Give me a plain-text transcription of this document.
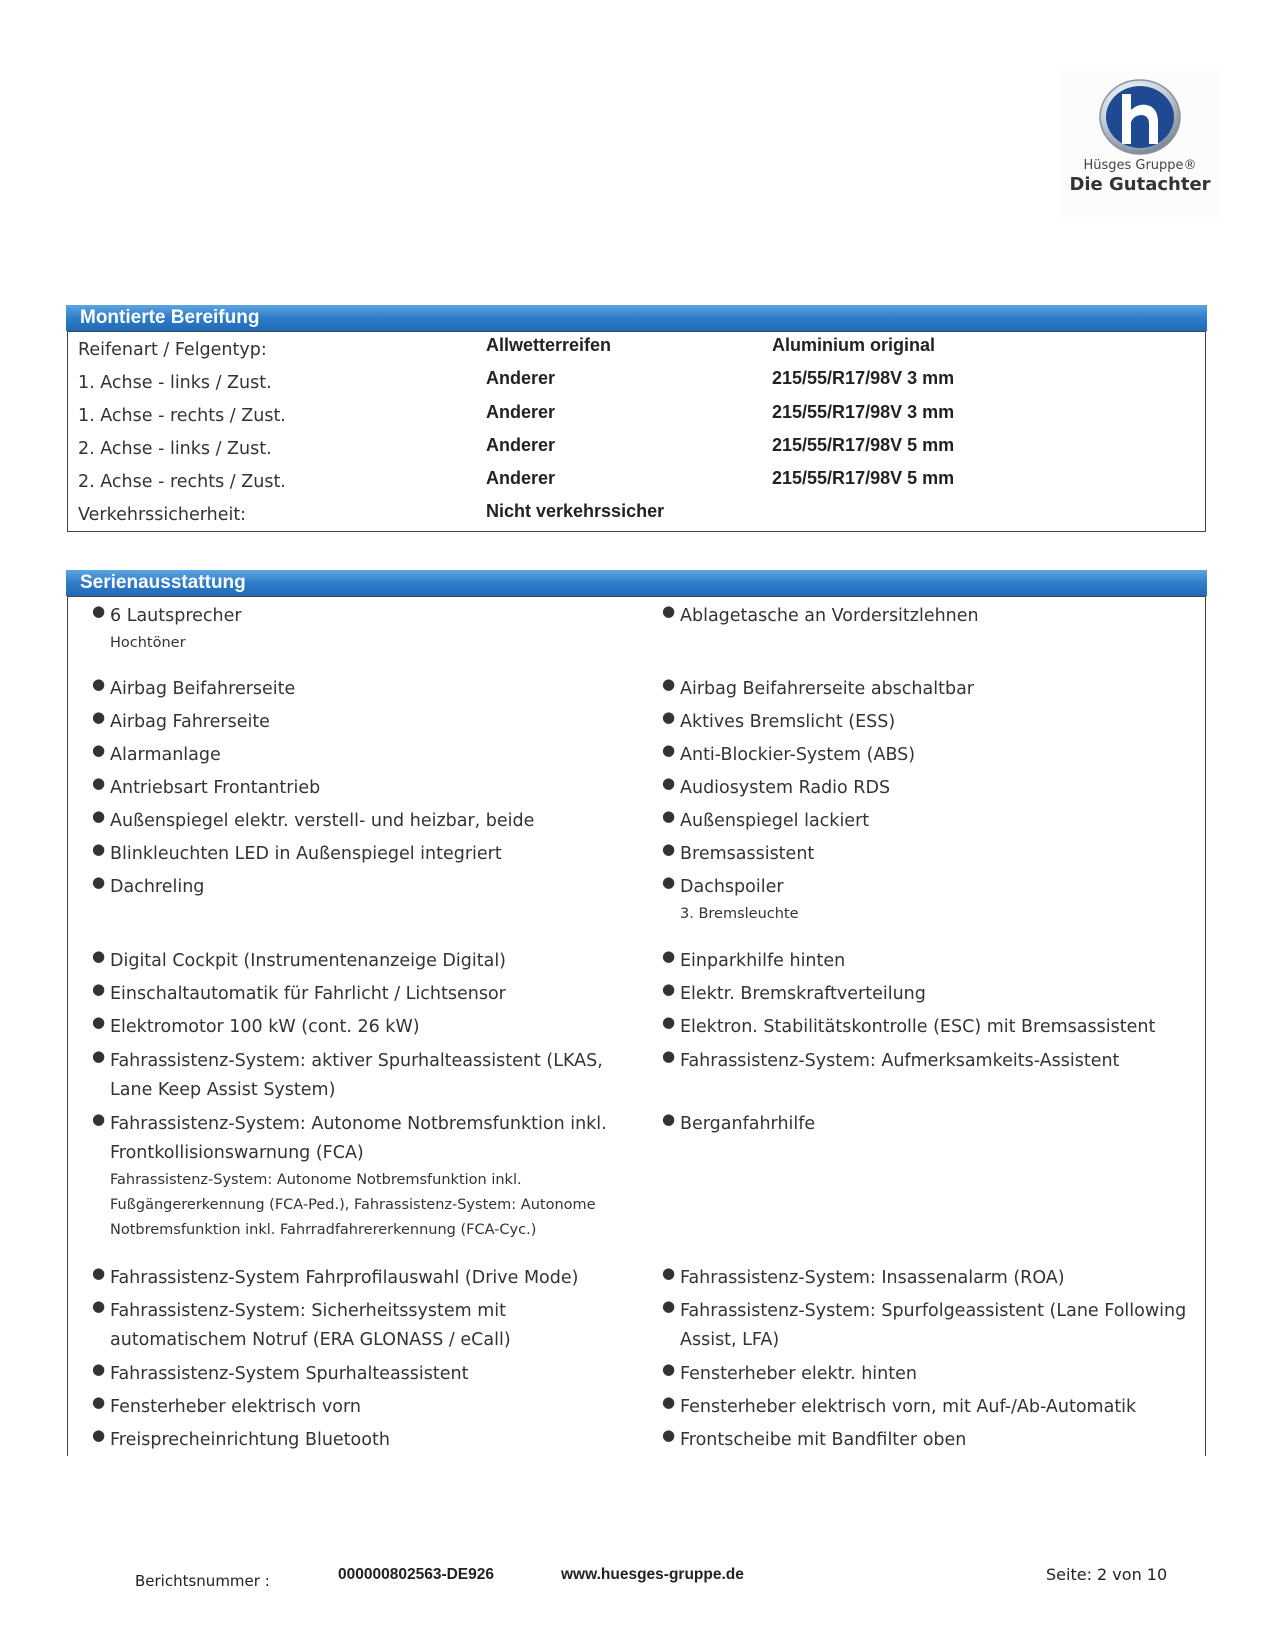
Hüsges Gruppe®
Die Gutachter
Montierte Bereifung
Reifenart / Felgentyp:	Allwetterreifen	Aluminium original
1. Achse - links / Zust.	Anderer	215/55/R17/98V 3 mm
1. Achse - rechts / Zust.	Anderer	215/55/R17/98V 3 mm
2. Achse - links / Zust.	Anderer	215/55/R17/98V 5 mm
2. Achse - rechts / Zust.	Anderer	215/55/R17/98V 5 mm
Verkehrssicherheit:	Nicht verkehrssicher
Serienausstattung
● 6 Lautsprecher
Hochtöner
● Airbag Beifahrerseite
● Airbag Fahrerseite
● Alarmanlage
● Antriebsart Frontantrieb
● Außenspiegel elektr. verstell- und heizbar, beide
● Blinkleuchten LED in Außenspiegel integriert
● Dachreling
● Digital Cockpit (Instrumentenanzeige Digital)
● Einschaltautomatik für Fahrlicht / Lichtsensor
● Elektromotor 100 kW (cont. 26 kW)
● Fahrassistenz-System: aktiver Spurhalteassistent (LKAS, Lane Keep Assist System)
● Fahrassistenz-System: Autonome Notbremsfunktion inkl. Frontkollisionswarnung (FCA)
Fahrassistenz-System: Autonome Notbremsfunktion inkl. Fußgängererkennung (FCA-Ped.), Fahrassistenz-System: Autonome Notbremsfunktion inkl. Fahrradfahrererkennung (FCA-Cyc.)
● Fahrassistenz-System Fahrprofilauswahl (Drive Mode)
● Fahrassistenz-System: Sicherheitssystem mit automatischem Notruf (ERA GLONASS / eCall)
● Fahrassistenz-System Spurhalteassistent
● Fensterheber elektrisch vorn
● Freisprecheinrichtung Bluetooth
● Ablagetasche an Vordersitzlehnen
● Airbag Beifahrerseite abschaltbar
● Aktives Bremslicht (ESS)
● Anti-Blockier-System (ABS)
● Audiosystem Radio RDS
● Außenspiegel lackiert
● Bremsassistent
● Dachspoiler
3. Bremsleuchte
● Einparkhilfe hinten
● Elektr. Bremskraftverteilung
● Elektron. Stabilitätskontrolle (ESC) mit Bremsassistent
● Fahrassistenz-System: Aufmerksamkeits-Assistent
● Berganfahrhilfe
● Fahrassistenz-System: Insassenalarm (ROA)
● Fahrassistenz-System: Spurfolgeassistent (Lane Following Assist, LFA)
● Fensterheber elektr. hinten
● Fensterheber elektrisch vorn, mit Auf-/Ab-Automatik
● Frontscheibe mit Bandfilter oben
Berichtsnummer :	000000802563-DE926	www.huesges-gruppe.de	Seite: 2 von 10
